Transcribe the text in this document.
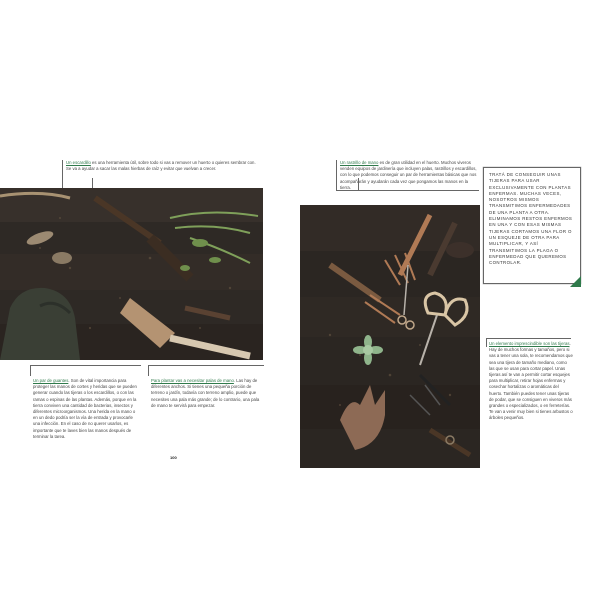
Un escardillo es una herramienta útil, sobre todo si vas a remover un huerto o quieres sembrar con. Se va a ayudar a sacar las malas hierbas de raíz y evitar que vuelvan a crecer.
Un par de guantes. Son de vital importancia para proteger las manos de cortes y heridas que se pueden generar cuando las tijeras o los escardillos, o con las ramas o espinas de las plantas. Además, porque en la tierra conviven una cantidad de bacterias, insectos y diferentes microorganismos. Una herida en la mano o en un dedo podría ser la vía de entrada y provocarle una infección. En el caso de no querer usarlos, es importante que te laves bien las manos después de terminar la tarea.
Para plantar vas a necesitar palas de mano. Las hay de diferentes anchos. Si tienes una pequeña porción de terreno o jardín, todavía con terreno amplio, puede que necesites una pala más grande; de lo contrario, una pala de mano te servirá para empezar.
100
Un rastrillo de mano es de gran utilidad en el huerto. Muchos viveros venden equipos de jardinería que incluyen palas, rastrillos y escardillos, con lo que podemos conseguir un par de herramientas básicas que nos acompañarán y ayudarán cada vez que pongamos las manos en la tierra.
TRATÁ DE CONSEGUIR UNAS TIJERAS PARA USAR EXCLUSIVAMENTE CON PLANTAS ENFERMAS. MUCHAS VECES, NOSOTROS MISMOS TRANSMITIMOS ENFERMEDADES DE UNA PLANTA A OTRA. ELIMINAMOS RESTOS ENFERMOS EN UNA Y CON ESAS MISMAS TIJERAS CORTAMOS UNA FLOR O UN ESQUEJE DE OTRA PARA MULTIPLICAR, Y ASÍ TRANSMITIMOS LA PLAGA O ENFERMEDAD QUE QUEREMOS CONTROLAR.
Un elemento imprescindible son las tijeras. Hay de muchos formas y tamaños, pero si vas a tener una sola, te recomendamos que sea una tijera de tamaño mediano, como las que se usan para cortar papel. Unas tijeras así te van a permitir cortar esquejes para multiplicar, retirar hojas enfermas y cosechar hortalizas o aromáticas del huerto. También puedes tener unas tijeras de podar, que se consiguen en viveros más grandes o especializados, o en ferreterías. Te van a venir muy bien si tienes arbustos o árboles pequeños.
